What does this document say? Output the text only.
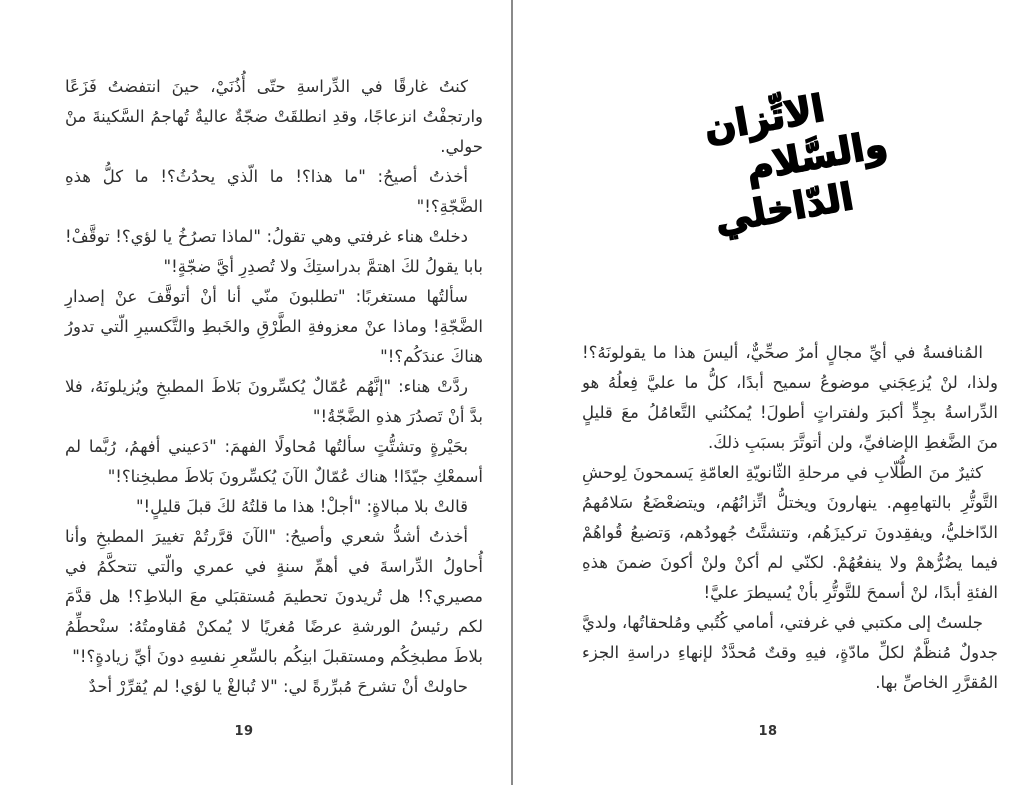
كنتُ غارقًا في الدِّراسةِ حتّى أُذُنَيْ، حينَ انتفضتُ فَزَعًا وارتجفْتُ انزعاجًا، وقدِ انطلقَتْ ضجّةٌ عاليةٌ تُهاجمُ السَّكينةَ منْ حولي.

أخذتُ أصيحُ: "ما هذا؟! ما الّذي يحدُثُ؟! ما كلُّ هذهِ الضَّجّةِ؟!"

دخلتْ هناء غرفتي وهي تقولُ: "لماذا تصرُخُ يا لؤي؟! توقَّفْ! بابا يقولُ لكَ اهتمَّ بدراستِكَ ولا تُصدِرِ أيَّ ضجّةٍ!"

سألتُها مستغربًا: "تطلبونَ منّي أنا أنْ أتوقَّفَ عنْ إصدارِ الضَّجّةِ! وماذا عنْ معزوفةِ الطَّرْقِ والخَبطِ والتَّكسيرِ الّتي تدورُ هناكَ عندَكُم؟!"

ردَّتْ هناء: "إنَّهُم عُمّالٌ يُكسِّرونَ بَلاطَ المطبخِ ويُزيلونَهُ، فلا بدَّ أنْ تَصدُرَ هذهِ الضَّجّةُ!"

بحَيْرةٍ وتشتُّتٍ سألتُها مُحاولًا الفهمَ: "دَعيني أفهمُ، رُبَّما لم أسمعْكِ جيّدًا! هناك عُمّالٌ الآنَ يُكسِّرونَ بَلاطَ مطبخِنا؟!"

قالتْ بلا مبالاةٍ: "أجلْ! هذا ما قلتُهُ لكَ قبلَ قليلٍ!"

أخذتُ أشدُّ شعري وأصيحُ: "الآنَ قرَّرتُمْ تغييرَ المطبخِ وأنا أُحاولُ الدِّراسةَ في أهمِّ سنةٍ في عمري والّتي تتحكَّمُ في مصيري؟! هل تُريدونَ تحطيمَ مُستقبَلي معَ البلاطِ؟! هل قدَّمَ لكم رئيسُ الورشةِ عرضًا مُغريًا لا يُمكنْ مُقاومتُهُ: سنْحطِّمُ بلاطَ مطبخِكُم ومستقبلَ ابنِكُم بالسِّعرِ نفسِهِ دونَ أيِّ زيادةٍ؟!"

حاولتْ أنْ تشرحَ مُبرِّرةً لي: "لا تُبالغْ يا لؤي! لم يُقرِّرْ أحدٌ

19
الاتِّزان
والسَّلام
الدّاخلي

المُنافسةُ في أيِّ مجالٍ أمرٌ صحِّيٌّ، أليسَ هذا ما يقولونَهُ؟! ولذا، لنْ يُزعِجَني موضوعُ سميح أبدًا، كلُّ ما عليَّ فِعلُهُ هو الدِّراسةُ بجِدٍّ أكبرَ ولفتراتٍ أطولَ! يُمكنُني التَّعامُلُ معَ قليلٍ منَ الضَّغطِ الإضافيِّ، ولن أتوتَّرَ بسبَبِ ذلكَ.

كثيرٌ منَ الطُّلّابِ في مرحلةِ الثّانويّةِ العامّةِ يَسمحونَ لِوحشِ التَّوتُّرِ بالتهامِهِم. ينهارونَ ويختلُّ اتِّزانُهُم، ويتضعْضَعُ سَلامُهمُ الدّاخليُّ، ويفقِدونَ تركيزَهُم، وتتشتَّتُ جُهودُهم، وَتضيعُ قُواهُمْ فيما يضُرُّهمْ ولا ينفعُهُمْ. لكنّي لم أكنْ ولنْ أكونَ ضمنَ هذهِ الفئةِ أبدًا، لنْ أسمحَ للتَّوتُّرِ بأنْ يُسيطرَ عليَّ!

جلستُ إلى مكتبي في غرفتي، أمامي كُتُبي ومُلحقاتُها، ولديَّ جدولٌ مُنظَّمٌ لكلِّ مادّةٍ، فيهِ وقتٌ مُحدَّدٌ لإنهاءِ دراسةِ الجزء المُقرَّرِ الخاصِّ بها.

18
